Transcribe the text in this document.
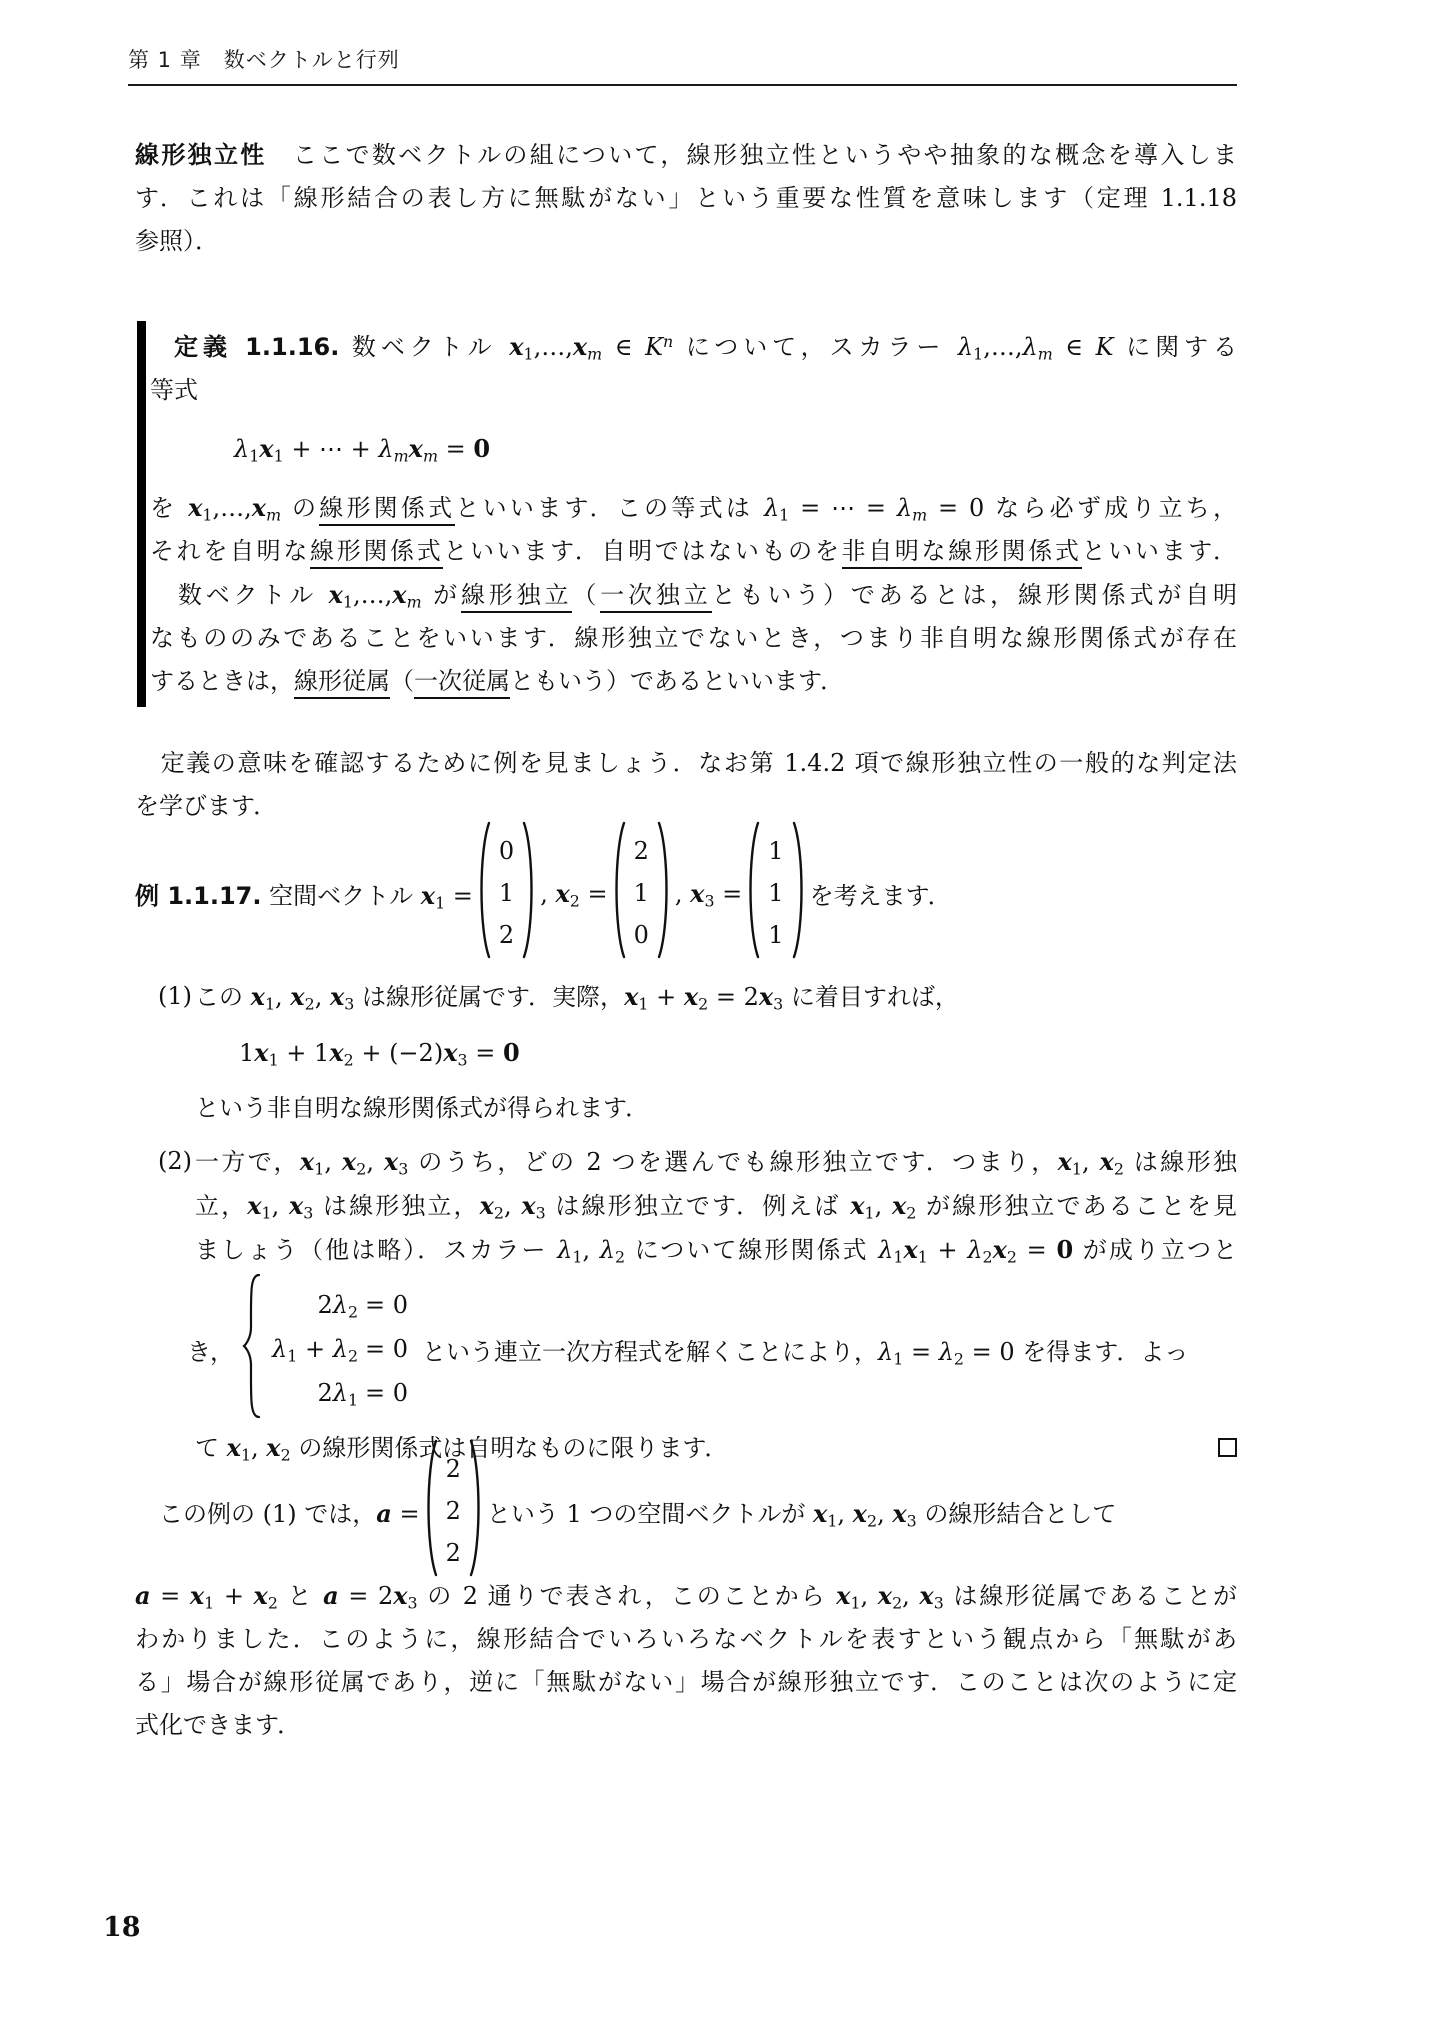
第 1 章　数ベクトルと行列
線形独立性　ここで数ベクトルの組について，線形独立性というやや抽象的な概念を導入しま
す．これは「線形結合の表し方に無駄がない」という重要な性質を意味します（定理 1.1.18
参照）．
定義 1.1.16. 数ベクトル x1,…,xm ∈ $K^n$ について，スカラー λ1,…,λm ∈ K に関する
等式
λ1x1 + ⋯ + λmxm = 0
を x1,…,xm の線形関係式といいます．この等式は λ1 = ⋯ = λm = 0 なら必ず成り立ち，
それを自明な線形関係式といいます．自明ではないものを非自明な線形関係式といいます．
　数ベクトル x1,…,xm が線形独立（一次独立ともいう）であるとは，線形関係式が自明
なもののみであることをいいます．線形独立でないとき，つまり非自明な線形関係式が存在
するときは，線形従属（一次従属ともいう）であるといいます．
　定義の意味を確認するために例を見ましょう．なお第 1.4.2 項で線形独立性の一般的な判定法
を学びます．
例 1.1.17. 空間ベクトル x1 =
0
1
2
, x2 =
2
1
0
, x3 =
1
1
1
を考えます．
(1) この x1, x2, x3 は線形従属です．実際，x1 + x2 = 2x3 に着目すれば，
1x1 + 1x2 + (−2)x3 = 0
という非自明な線形関係式が得られます．
(2) 一方で，x1, x2, x3 のうち，どの 2 つを選んでも線形独立です．つまり，x1, x2 は線形独
立，x1, x3 は線形独立，x2, x3 は線形独立です．例えば x1, x2 が線形独立であることを見
ましょう（他は略）．スカラー λ1, λ2 について線形関係式 λ1x1 + λ2x2 = 0 が成り立つと
き，
2λ2 = 0
λ1 + λ2 = 0
2λ1 = 0
という連立一次方程式を解くことにより，λ1 = λ2 = 0 を得ます．よっ
て x1, x2 の線形関係式は自明なものに限ります．
　この例の (1) では，a =
2
2
2
という 1 つの空間ベクトルが x1, x2, x3 の線形結合として
a = x1 + x2 と a = 2x3 の 2 通りで表され，このことから x1, x2, x3 は線形従属であることが
わかりました．このように，線形結合でいろいろなベクトルを表すという観点から「無駄があ
る」場合が線形従属であり，逆に「無駄がない」場合が線形独立です．このことは次のように定
式化できます．
18
